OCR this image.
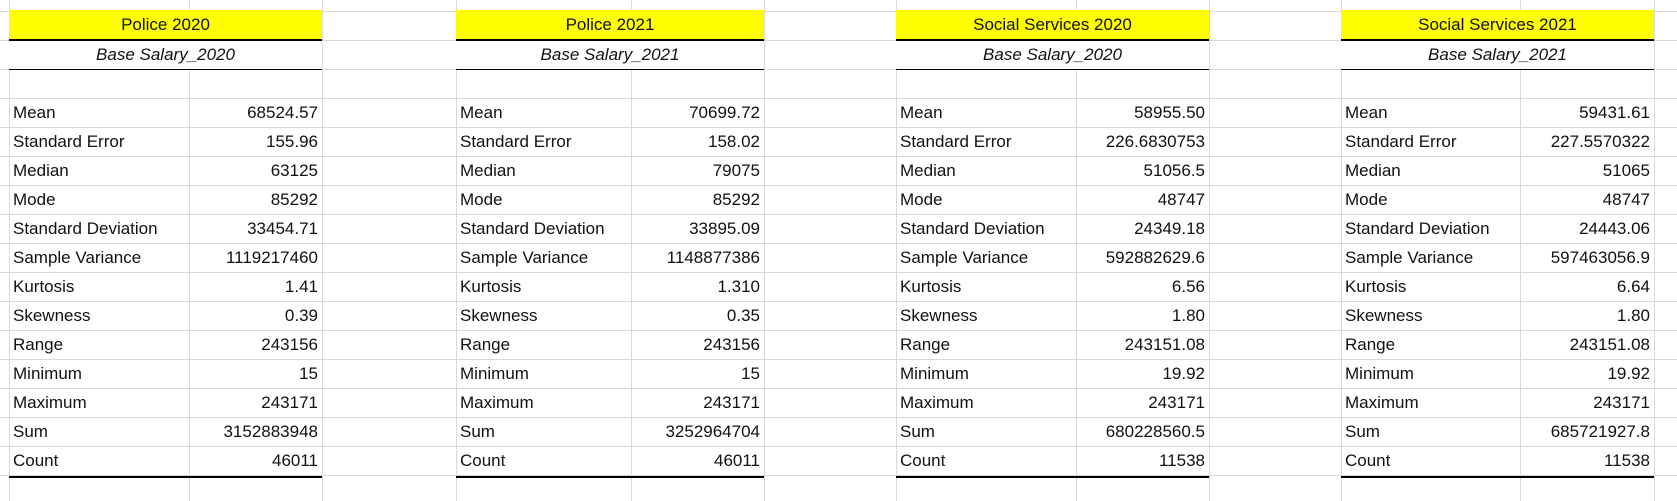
Police 2020
Base Salary_2020
Mean	68524.57
Standard Error	155.96
Median	63125
Mode	85292
Standard Deviation	33454.71
Sample Variance	1119217460
Kurtosis	1.41
Skewness	0.39
Range	243156
Minimum	15
Maximum	243171
Sum	3152883948
Count	46011
Police 2021
Base Salary_2021
Mean	70699.72
Standard Error	158.02
Median	79075
Mode	85292
Standard Deviation	33895.09
Sample Variance	1148877386
Kurtosis	1.310
Skewness	0.35
Range	243156
Minimum	15
Maximum	243171
Sum	3252964704
Count	46011
Social Services 2020
Base Salary_2020
Mean	58955.50
Standard Error	226.6830753
Median	51056.5
Mode	48747
Standard Deviation	24349.18
Sample Variance	592882629.6
Kurtosis	6.56
Skewness	1.80
Range	243151.08
Minimum	19.92
Maximum	243171
Sum	680228560.5
Count	11538
Social Services 2021
Base Salary_2021
Mean	59431.61
Standard Error	227.5570322
Median	51065
Mode	48747
Standard Deviation	24443.06
Sample Variance	597463056.9
Kurtosis	6.64
Skewness	1.80
Range	243151.08
Minimum	19.92
Maximum	243171
Sum	685721927.8
Count	11538
